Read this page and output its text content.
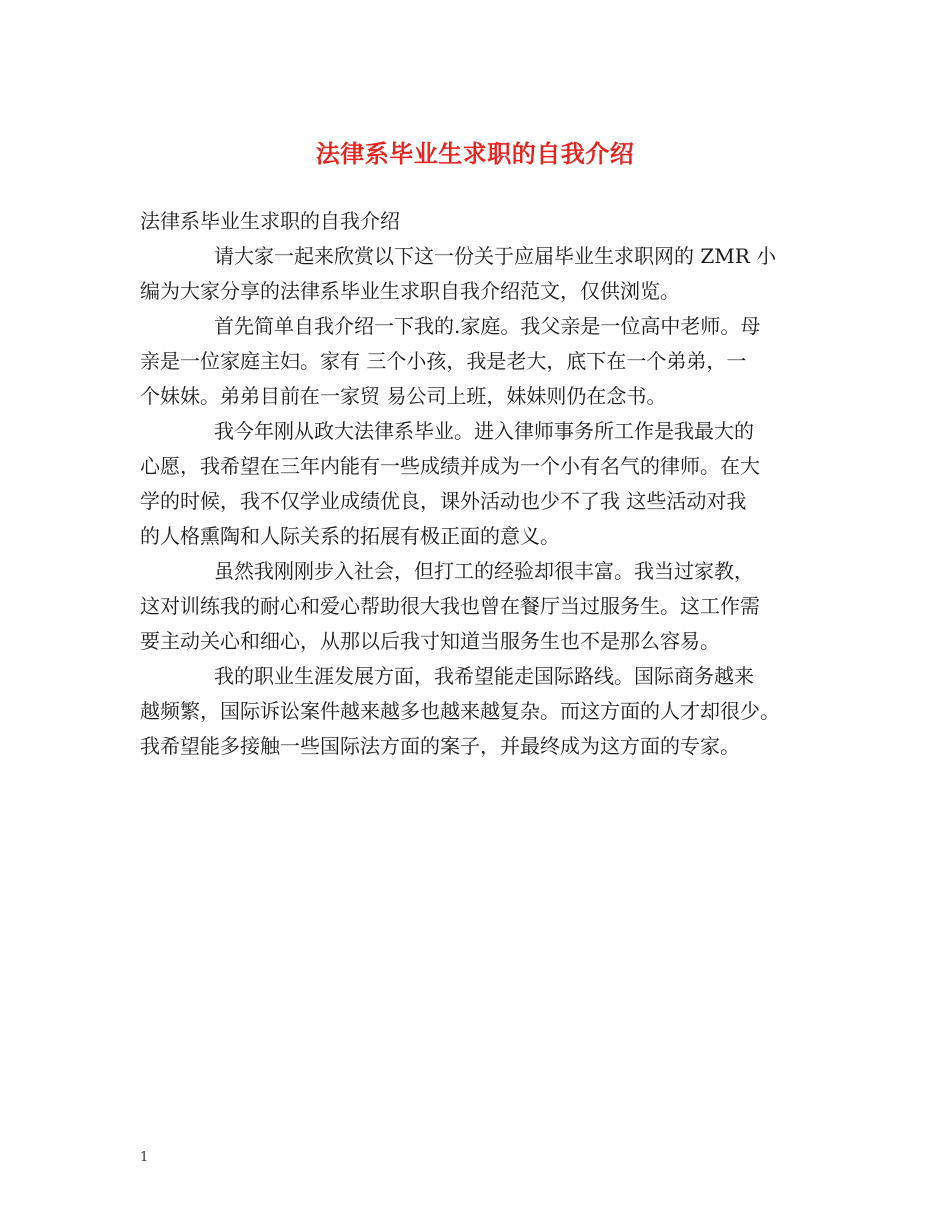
法律系毕业生求职的自我介绍
法律系毕业生求职的自我介绍
请大家一起来欣赏以下这一份关于应届毕业生求职网的 ZMR 小
编为大家分享的法律系毕业生求职自我介绍范文，仅供浏览。
首先简单自我介绍一下我的.家庭。我父亲是一位高中老师。母
亲是一位家庭主妇。家有 三个小孩，我是老大，底下在一个弟弟，一
个妹妹。弟弟目前在一家贸 易公司上班，妹妹则仍在念书。
我今年刚从政大法律系毕业。进入律师事务所工作是我最大的
心愿，我希望在三年内能有一些成绩并成为一个小有名气的律师。在大
学的时候，我不仅学业成绩优良，课外活动也少不了我 这些活动对我
的人格熏陶和人际关系的拓展有极正面的意义。
虽然我刚刚步入社会，但打工的经验却很丰富。我当过家教，
这对训练我的耐心和爱心帮助很大我也曾在餐厅当过服务生。这工作需
要主动关心和细心，从那以后我寸知道当服务生也不是那么容易。
我的职业生涯发展方面，我希望能走国际路线。国际商务越来
越频繁，国际诉讼案件越来越多也越来越复杂。而这方面的人才却很少。
我希望能多接触一些国际法方面的案子，并最终成为这方面的专家。
1
